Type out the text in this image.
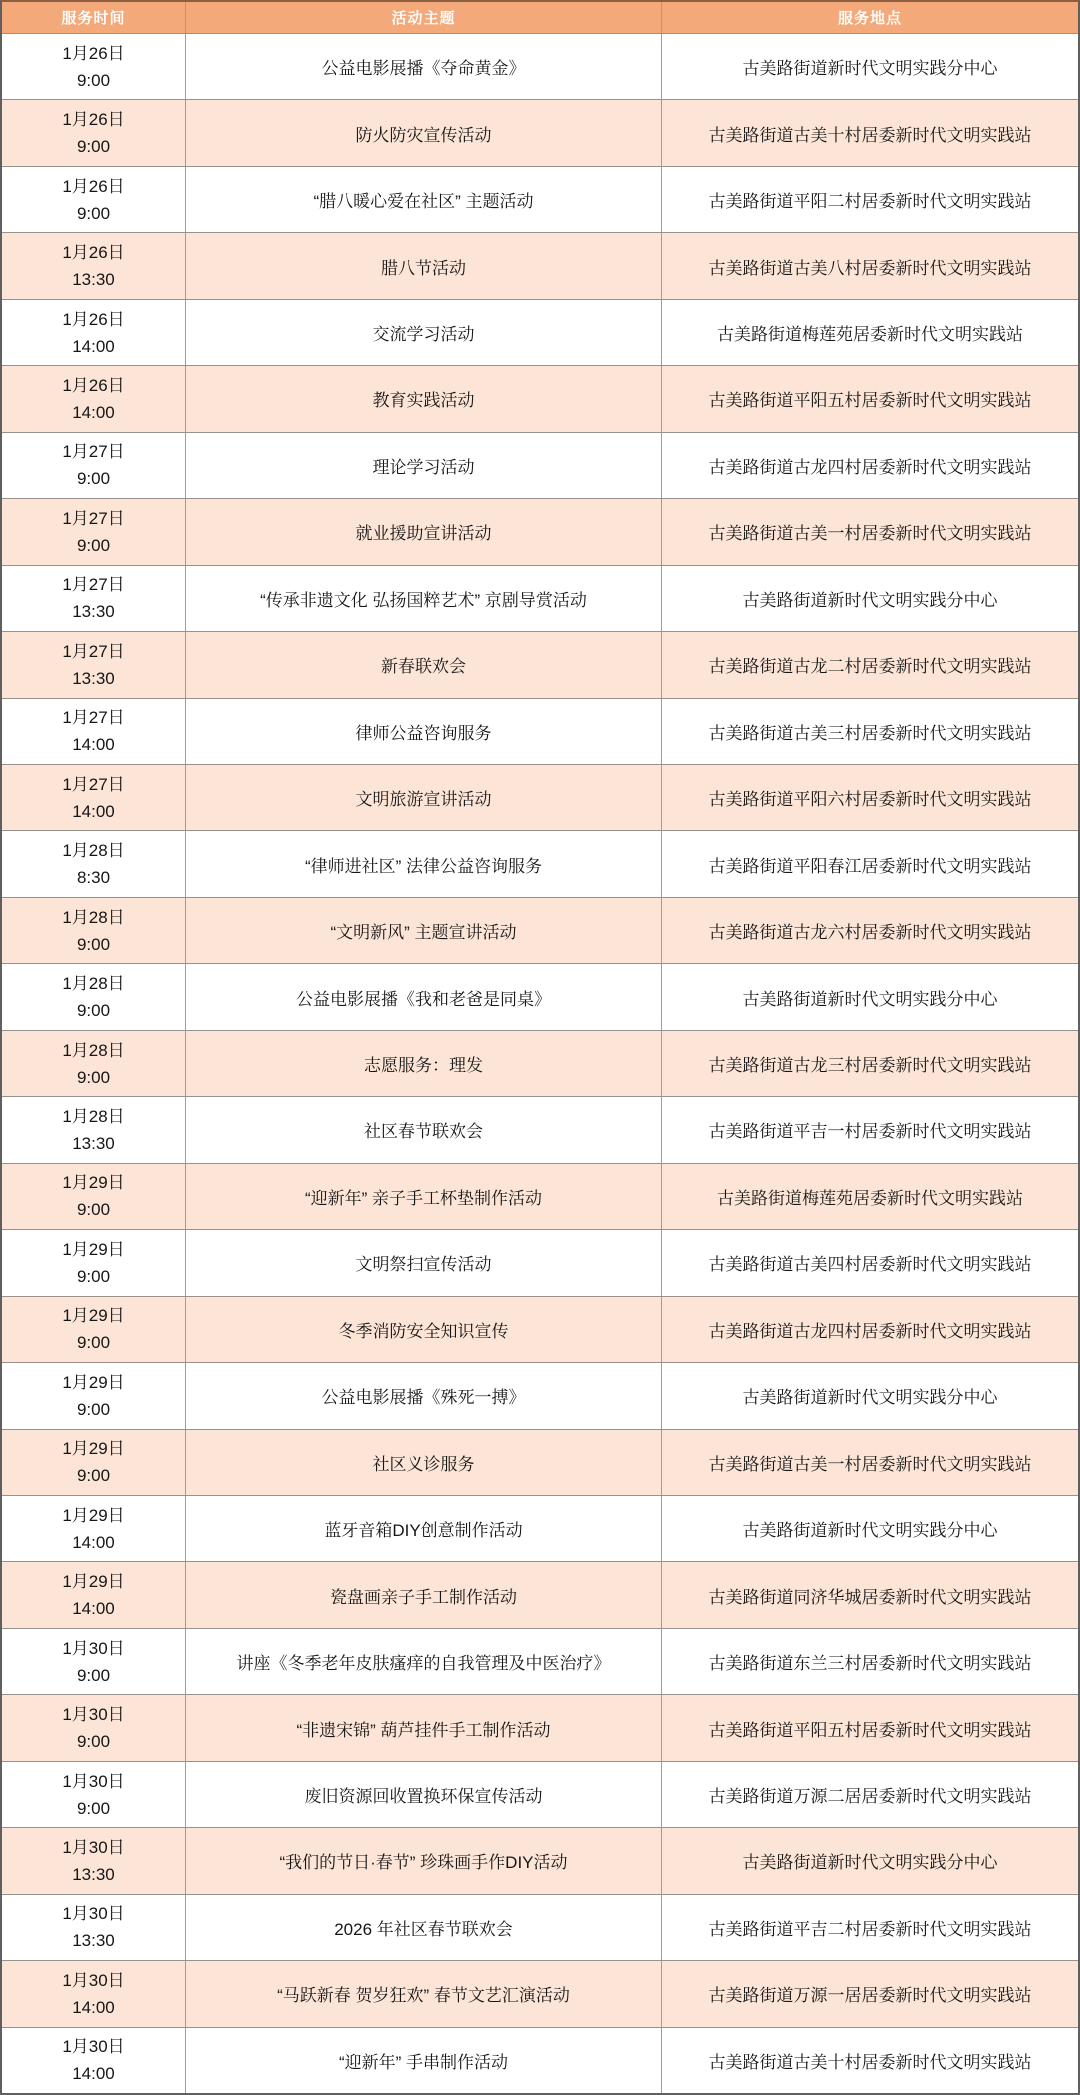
服务时间	活动主题	服务地点
1月26日
9:00
公益电影展播《夺命黄金》	古美路街道新时代文明实践分中心
1月26日
9:00
防火防灾宣传活动	古美路街道古美十村居委新时代文明实践站
1月26日
9:00
“腊八暖心爱在社区” 主题活动	古美路街道平阳二村居委新时代文明实践站
1月26日
13:30
腊八节活动	古美路街道古美八村居委新时代文明实践站
1月26日
14:00
交流学习活动	古美路街道梅莲苑居委新时代文明实践站
1月26日
14:00
教育实践活动	古美路街道平阳五村居委新时代文明实践站
1月27日
9:00
理论学习活动	古美路街道古龙四村居委新时代文明实践站
1月27日
9:00
就业援助宣讲活动	古美路街道古美一村居委新时代文明实践站
1月27日
13:30
“传承非遗文化 弘扬国粹艺术” 京剧导赏活动	古美路街道新时代文明实践分中心
1月27日
13:30
新春联欢会	古美路街道古龙二村居委新时代文明实践站
1月27日
14:00
律师公益咨询服务	古美路街道古美三村居委新时代文明实践站
1月27日
14:00
文明旅游宣讲活动	古美路街道平阳六村居委新时代文明实践站
1月28日
8:30
“律师进社区” 法律公益咨询服务	古美路街道平阳春江居委新时代文明实践站
1月28日
9:00
“文明新风” 主题宣讲活动	古美路街道古龙六村居委新时代文明实践站
1月28日
9:00
公益电影展播《我和老爸是同桌》	古美路街道新时代文明实践分中心
1月28日
9:00
志愿服务：理发	古美路街道古龙三村居委新时代文明实践站
1月28日
13:30
社区春节联欢会	古美路街道平吉一村居委新时代文明实践站
1月29日
9:00
“迎新年” 亲子手工杯垫制作活动	古美路街道梅莲苑居委新时代文明实践站
1月29日
9:00
文明祭扫宣传活动	古美路街道古美四村居委新时代文明实践站
1月29日
9:00
冬季消防安全知识宣传	古美路街道古龙四村居委新时代文明实践站
1月29日
9:00
公益电影展播《殊死一搏》	古美路街道新时代文明实践分中心
1月29日
9:00
社区义诊服务	古美路街道古美一村居委新时代文明实践站
1月29日
14:00
蓝牙音箱DIY创意制作活动	古美路街道新时代文明实践分中心
1月29日
14:00
瓷盘画亲子手工制作活动	古美路街道同济华城居委新时代文明实践站
1月30日
9:00
讲座《冬季老年皮肤瘙痒的自我管理及中医治疗》	古美路街道东兰三村居委新时代文明实践站
1月30日
9:00
“非遗宋锦” 葫芦挂件手工制作活动	古美路街道平阳五村居委新时代文明实践站
1月30日
9:00
废旧资源回收置换环保宣传活动	古美路街道万源二居居委新时代文明实践站
1月30日
13:30
“我们的节日·春节” 珍珠画手作DIY活动	古美路街道新时代文明实践分中心
1月30日
13:30
2026 年社区春节联欢会	古美路街道平吉二村居委新时代文明实践站
1月30日
14:00
“马跃新春 贺岁狂欢” 春节文艺汇演活动	古美路街道万源一居居委新时代文明实践站
1月30日
14:00
“迎新年” 手串制作活动	古美路街道古美十村居委新时代文明实践站
